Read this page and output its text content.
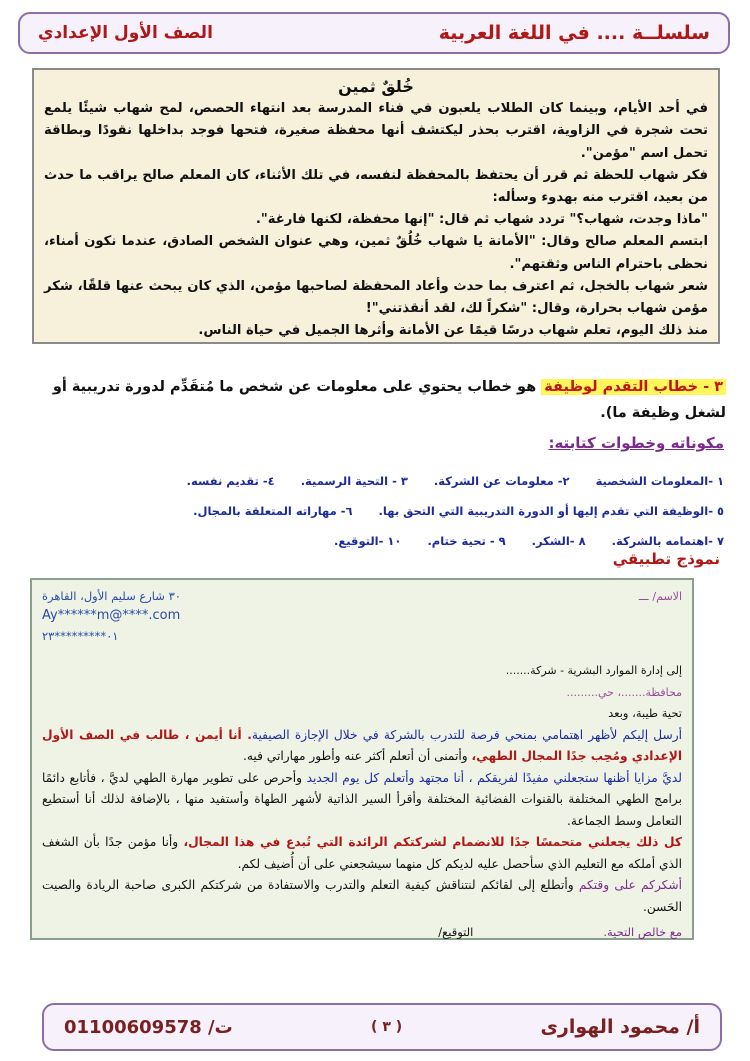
سلسلــة .... في اللغة العربية
الصف الأول الإعدادي
خُلقٌ ثمين

في أحد الأيام، وبينما كان الطلاب يلعبون في فناء المدرسة بعد انتهاء الحصص، لمح شهاب شيئًا يلمع تحت شجرة في الزاوية، اقترب بحذر ليكتشف أنها محفظة صغيرة، فتحها فوجد بداخلها نقودًا وبطاقة تحمل اسم "مؤمن".

فكر شهاب للحظة ثم قرر أن يحتفظ بالمحفظة لنفسه، في تلك الأثناء، كان المعلم صالح يراقب ما حدث من بعيد، اقترب منه بهدوء وسأله:

"ماذا وجدت، شهاب؟" تردد شهاب ثم قال: "إنها محفظة، لكنها فارغة".

ابتسم المعلم صالح وقال: "الأمانة يا شهاب خُلُقٌ ثمين، وهي عنوان الشخص الصادق، عندما نكون أمناء، نحظى باحترام الناس وثقتهم".

شعر شهاب بالخجل، ثم اعترف بما حدث وأعاد المحفظة لصاحبها مؤمن، الذي كان يبحث عنها قلقًا، شكر مؤمن شهاب بحرارة، وقال: "شكراً لك، لقد أنقذتني"!

منذ ذلك اليوم، تعلم شهاب درسًا قيمًا عن الأمانة وأثرها الجميل في حياة الناس.

٣ - خطاب التقدم لوظيفة هو خطاب يحتوي على معلومات عن شخص ما مُتقَدِّم لدورة تدريبية أو لشغل وظيفة ما).
مكوناته وخطوات كتابته:
١ -المعلومات الشخصية
٢- معلومات عن الشركة.
٣ - التحية الرسمية.
٤- تقديم نفسه.
٥ -الوظيفة التي تقدم إليها أو الدورة التدريبية التي التحق بها.
٦- مهاراته المتعلقة بالمجال.
٧ -اهتمامه بالشركة.
٨ -الشكر.
٩ - تحية ختام.
١٠ -التوقيع.
نموذج تطبيقي
الاسم/ ـــ
٣٠ شارع سليم الأول، القاهرة
Ay******m@****.com
٠١*********٢٣
إلى إدارة الموارد البشرية - شركة.......
محافظة.......، حي.........
تحية طيبة، وبعد

أرسل إليكم لأظهر اهتمامي بمنحي فرصة للتدرب بالشركة في خلال الإجازة الصيفية. أنا أيمن ، طالب في الصف الأول الإعدادي ومُحِب جدًا المجال الطهي، وأتمنى أن أتعلم أكثر عنه وأطور مهاراتي فيه.

لديَّ مزايا أظنها ستجعلني مفيدًا لفريقكم ، أنا مجتهد وأتعلم كل يوم الجديد وأحرص على تطوير مهارة الطهي لديَّ ، فأتابع دائمًا برامج الطهي المختلفة بالقنوات الفضائية المختلفة وأقرأ السير الذاتية لأشهر الطهاة وأستفيد منها ، بالإضافة لذلك أنا أستطيع التعامل وسط الجماعة.

كل ذلك يجعلني متحمسًا جدًا للانضمام لشركتكم الرائدة التي تُبدع في هذا المجال، وأنا مؤمن جدًا بأن الشغف الذي أملكه مع التعليم الذي سأحصل عليه لديكم كل منهما سيشجعني على أن أُضيف لكم.

أشكركم على وقتكم وأتطلع إلى لقائكم لنتناقش كيفية التعلم والتدرب والاستفادة من شركتكم الكبرى صاحبة الريادة والصيت الحَسن.

مع خالص التحية.
التوقيع/
أ/ محمود الهوارى
( ٣ )
ت/ 01100609578
